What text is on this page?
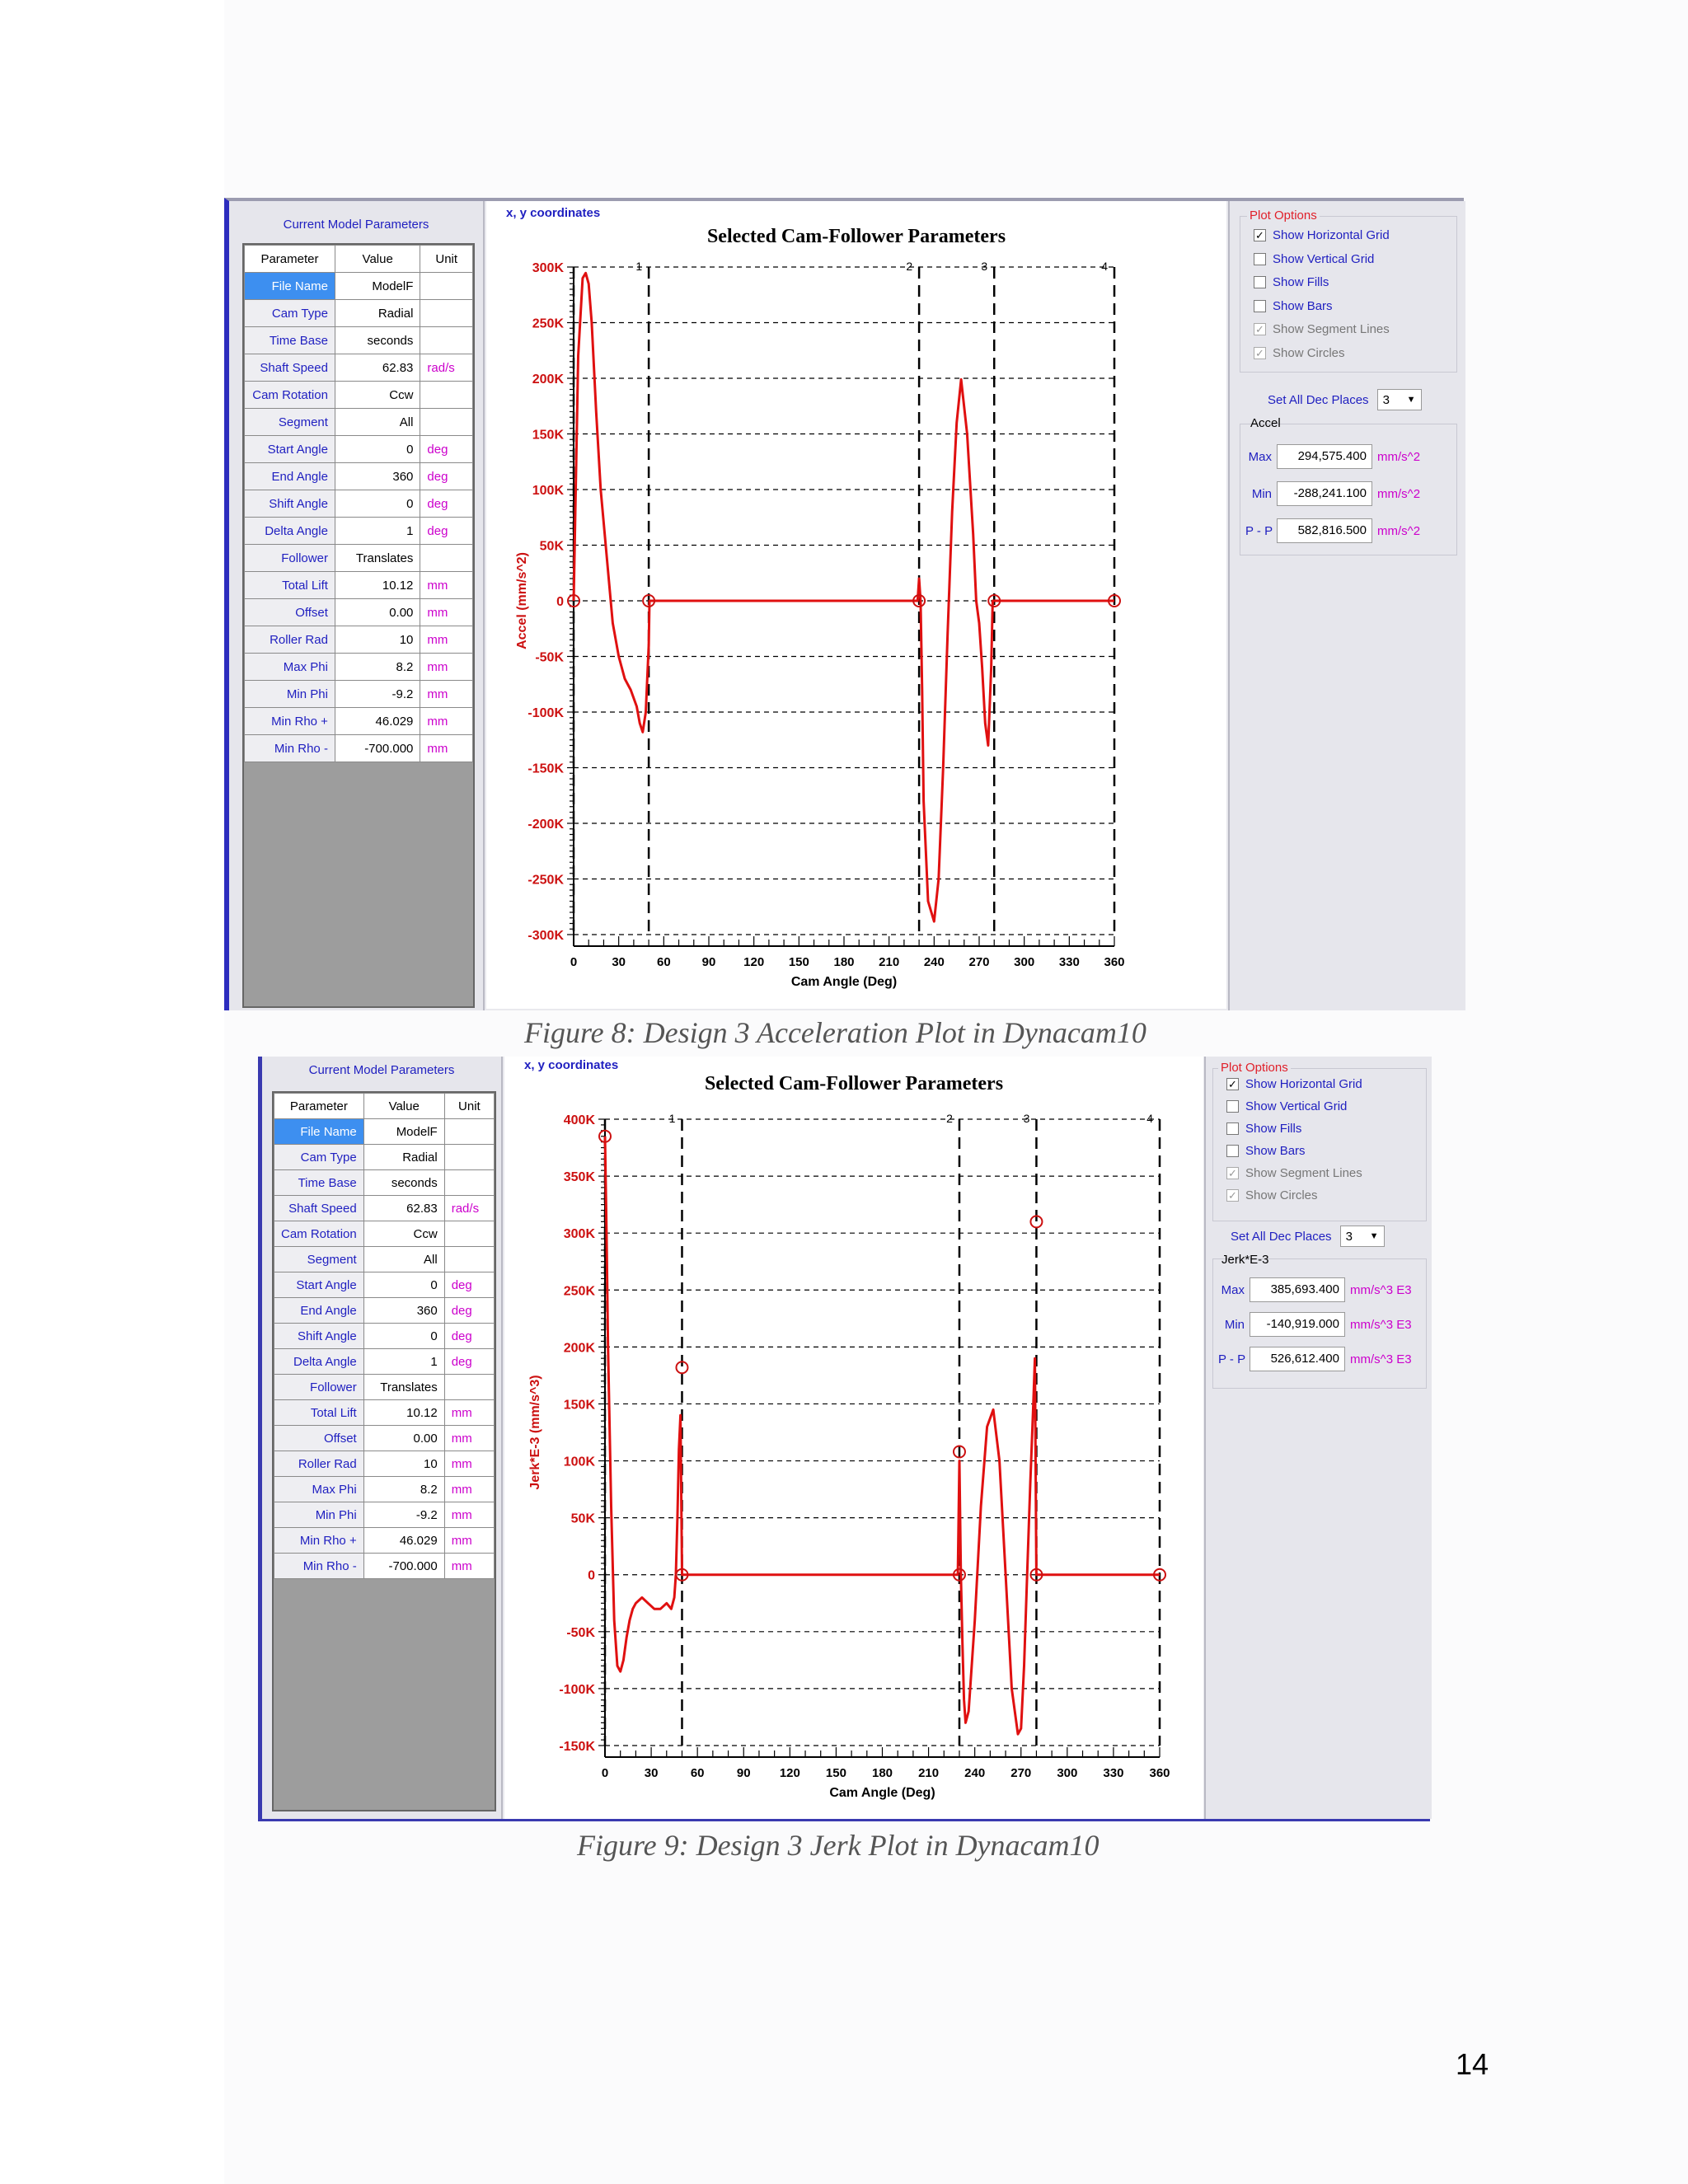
Current Model Parameters
Parameter	Value	Unit
File Name	ModelF	
Cam Type	Radial	
Time Base	seconds	
Shaft Speed	62.83	rad/s
Cam Rotation	Ccw	
Segment	All	
Start Angle	0	deg
End Angle	360	deg
Shift Angle	0	deg
Delta Angle	1	deg
Follower	Translates	
Total Lift	10.12	mm
Offset	0.00	mm
Roller Rad	10	mm
Max Phi	8.2	mm
Min Phi	-9.2	mm
Min Rho +	46.029	mm
Min Rho -	-700.000	mm
x, y coordinates
Selected Cam-Follower Parameters
1	2	3	4
300K
250K
200K
150K
100K
50K
0
-50K
-100K
-150K
-200K
-250K
-300K
0	30	60	90 120 150 180 210 240 270 300 330 360
Cam Angle (Deg)
Accel (mm/s^2)
Plot Options
✓ Show Horizontal Grid
Show Vertical Grid
Show Fills
Show Bars
✓ Show Segment Lines
✓ Show Circles
Set All Dec Places 3 ▼
Accel
Max	294,575.400 mm/s^2
Min	-288,241.100 mm/s^2
P - P	582,816.500 mm/s^2
Figure 8: Design 3 Acceleration Plot in Dynacam10
Current Model Parameters
Parameter	Value	Unit
File Name	ModelF	
Cam Type	Radial	
Time Base	seconds	
Shaft Speed	62.83	rad/s
Cam Rotation	Ccw	
Segment	All	
Start Angle	0	deg
End Angle	360	deg
Shift Angle	0	deg
Delta Angle	1	deg
Follower	Translates	
Total Lift	10.12	mm
Offset	0.00	mm
Roller Rad	10	mm
Max Phi	8.2	mm
Min Phi	-9.2	mm
Min Rho +	46.029	mm
Min Rho -	-700.000	mm
x, y coordinates
Selected Cam-Follower Parameters
1	2	3	4
400K
350K
300K
250K
200K
150K
100K
50K
0
-50K
-100K
-150K
0	30	60	90 120 150 180 210 240 270 300 330 360
Cam Angle (Deg)
Jerk*E-3 (mm/s^3)
Plot Options
✓ Show Horizontal Grid
Show Vertical Grid
Show Fills
Show Bars
✓ Show Segment Lines
✓ Show Circles
Set All Dec Places 3 ▼
Jerk*E-3
Max	385,693.400 mm/s^3 E3
Min	-140,919.000 mm/s^3 E3
P - P	526,612.400 mm/s^3 E3
Figure 9: Design 3 Jerk Plot in Dynacam10
14
